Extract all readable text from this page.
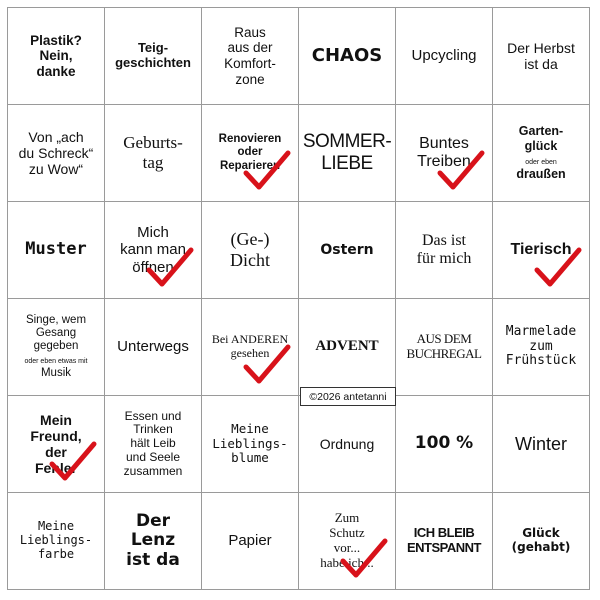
Plastik?
Nein,
danke
Teig-
geschichten
Raus
aus der
Komfort-
zone
CHAOS Upcycling Der Herbst
ist da
Von „ach
du Schreck“
zu Wow“
Geburts-
tag
Renovieren
oder
Reparieren
SOMMER-
LIEBE
Buntes
Treiben
Garten-
glück
oder eben
draußen
Muster
Mich
kann man
öffnen
(Ge-)
Dicht
Ostern
Das ist
für mich
Tierisch
Singe, wem
Gesang
gegeben
oder eben etwas mit
Musik
Unterwegs Bei ANDEREN
gesehen	ADVENT	AUS DEM
BUCHREGAL
Marmelade
zum
Frühstück
Mein
Freund,
der
Fehler
Essen und
Trinken
hält Leib
und Seele
zusammen
Meine
Lieblings-
blume
Ordnung 100 % Winter
Meine
Lieblings-
farbe
Der
Lenz
ist da
Papier
Zum
Schutz
vor...
habe ich...
ICH BLEIB
ENTSPANNT
Glück
(gehabt)
©2026 antetanni
